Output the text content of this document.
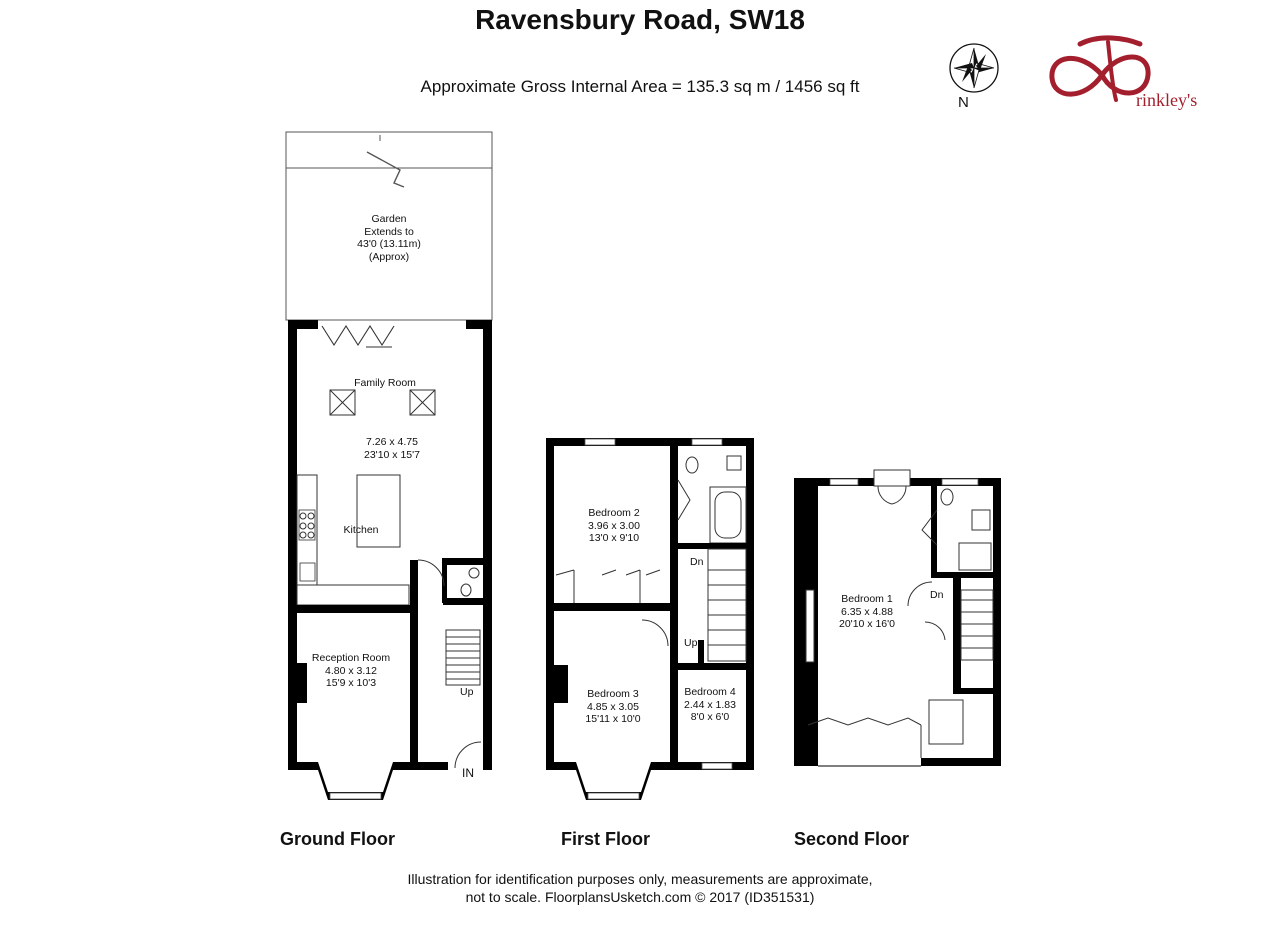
Ravensbury Road, SW18
Approximate Gross Internal Area = 135.3 sq m / 1456 sq ft
N	rinkley's
Garden
Extends to
43'0 (13.11m)
(Approx)
Family Room
7.26 x 4.75
23'10 x 15'7
Kitchen
Reception Room
4.80 x 3.12
15'9 x 10'3
Up
IN
Bedroom 2
3.96 x 3.00
13'0 x 9'10
Dn
Up
Bedroom 3
4.85 x 3.05
15'11 x 10'0
Bedroom 4
2.44 x 1.83
8'0 x 6'0
Bedroom 1
6.35 x 4.88
20'10 x 16'0
Dn
Ground Floor	First Floor	Second Floor
Illustration for identification purposes only, measurements are approximate,
not to scale. FloorplansUsketch.com © 2017 (ID351531)
